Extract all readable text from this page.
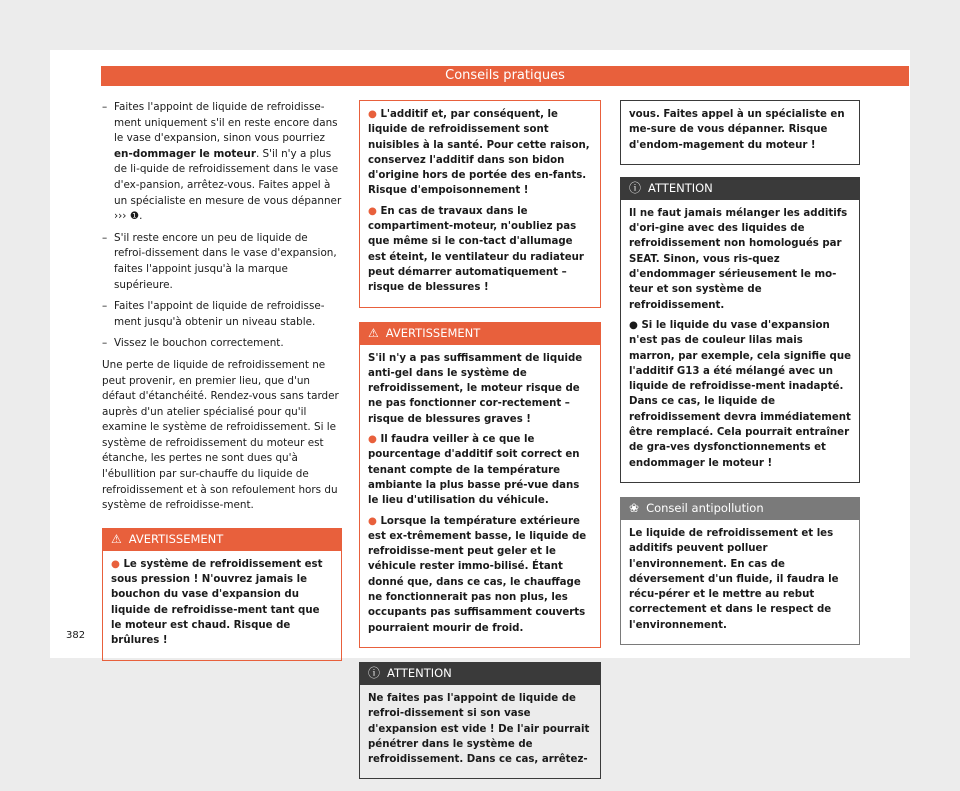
Conseils pratiques
– Faites l'appoint de liquide de refroidisse-ment uniquement s'il en reste encore dans le vase d'expansion, sinon vous pourriez en-dommager le moteur. S'il n'y a plus de li-quide de refroidissement dans le vase d'ex-pansion, arrêtez-vous. Faites appel à un spécialiste en mesure de vous dépanner ››› ❶.
– S'il reste encore un peu de liquide de refroi-dissement dans le vase d'expansion, faites l'appoint jusqu'à la marque supérieure.
– Faites l'appoint de liquide de refroidisse-ment jusqu'à obtenir un niveau stable.
– Vissez le bouchon correctement.

Une perte de liquide de refroidissement ne peut provenir, en premier lieu, que d'un défaut d'étanchéité. Rendez-vous sans tarder auprès d'un atelier spécialisé pour qu'il examine le système de refroidissement. Si le système de refroidissement du moteur est étanche, les pertes ne sont dues qu'à l'ébullition par sur-chauffe du liquide de refroidissement et à son refoulement hors du système de refroidisse-ment.

⚠ AVERTISSEMENT
● Le système de refroidissement est sous pression ! N'ouvrez jamais le bouchon du vase d'expansion du liquide de refroidisse-ment tant que le moteur est chaud. Risque de brûlures !
● L'additif et, par conséquent, le liquide de refroidissement sont nuisibles à la santé. Pour cette raison, conservez l'additif dans son bidon d'origine hors de portée des en-fants. Risque d'empoisonnement !
● En cas de travaux dans le compartiment-moteur, n'oubliez pas que même si le con-tact d'allumage est éteint, le ventilateur du radiateur peut démarrer automatiquement – risque de blessures !
⚠ AVERTISSEMENT

S'il n'y a pas suffisamment de liquide anti-gel dans le système de refroidissement, le moteur risque de ne pas fonctionner cor-rectement – risque de blessures graves !

● Il faudra veiller à ce que le pourcentage d'additif soit correct en tenant compte de la température ambiante la plus basse pré-vue dans le lieu d'utilisation du véhicule.
● Lorsque la température extérieure est ex-trêmement basse, le liquide de refroidisse-ment peut geler et le véhicule rester immo-bilisé. Étant donné que, dans ce cas, le chauffage ne fonctionnerait pas non plus, les occupants pas suffisamment couverts pourraient mourir de froid.
ⓘ ATTENTION

Ne faites pas l'appoint de liquide de refroi-dissement si son vase d'expansion est vide ! De l'air pourrait pénétrer dans le système de refroidissement. Dans ce cas, arrêtez-

vous. Faites appel à un spécialiste en me-sure de vous dépanner. Risque d'endom-magement du moteur !

ⓘ ATTENTION

Il ne faut jamais mélanger les additifs d'ori-gine avec des liquides de refroidissement non homologués par SEAT. Sinon, vous ris-quez d'endommager sérieusement le mo-teur et son système de refroidissement.

● Si le liquide du vase d'expansion n'est pas de couleur lilas mais marron, par exemple, cela signifie que l'additif G13 a été mélangé avec un liquide de refroidisse-ment inadapté. Dans ce cas, le liquide de refroidissement devra immédiatement être remplacé. Cela pourrait entraîner de gra-ves dysfonctionnements et endommager le moteur !
❀ Conseil antipollution

Le liquide de refroidissement et les additifs peuvent polluer l'environnement. En cas de déversement d'un fluide, il faudra le récu-pérer et le mettre au rebut correctement et dans le respect de l'environnement.

382
